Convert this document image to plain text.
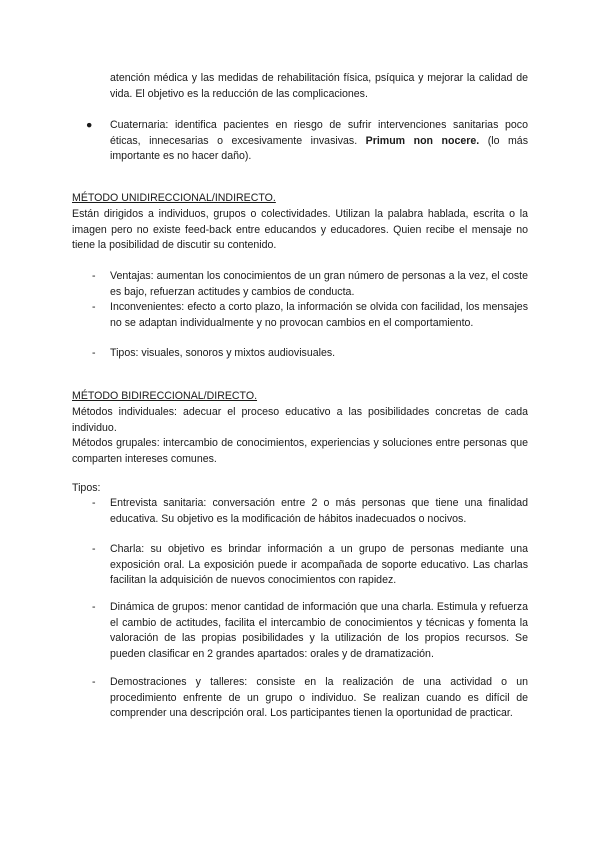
atención médica y las medidas de rehabilitación física, psíquica y mejorar la calidad de vida. El objetivo es la reducción de las complicaciones.

● Cuaternaria: identifica pacientes en riesgo de sufrir intervenciones sanitarias poco éticas, innecesarias o excesivamente invasivas. Primum non nocere. (lo más importante es no hacer daño).

MÉTODO UNIDIRECCIONAL/INDIRECTO.

Están dirigidos a individuos, grupos o colectividades. Utilizan la palabra hablada, escrita o la imagen pero no existe feed-back entre educandos y educadores. Quien recibe el mensaje no tiene la posibilidad de discutir su contenido.

- Ventajas: aumentan los conocimientos de un gran número de personas a la vez, el coste es bajo, refuerzan actitudes y cambios de conducta.
- Inconvenientes: efecto a corto plazo, la información se olvida con facilidad, los mensajes no se adaptan individualmente y no provocan cambios en el comportamiento.
- Tipos: visuales, sonoros y mixtos audiovisuales.

MÉTODO BIDIRECCIONAL/DIRECTO.

Métodos individuales: adecuar el proceso educativo a las posibilidades concretas de cada individuo.

Métodos grupales: intercambio de conocimientos, experiencias y soluciones entre personas que comparten intereses comunes.

Tipos:

- Entrevista sanitaria: conversación entre 2 o más personas que tiene una finalidad educativa. Su objetivo es la modificación de hábitos inadecuados o nocivos.
- Charla: su objetivo es brindar información a un grupo de personas mediante una exposición oral. La exposición puede ir acompañada de soporte educativo. Las charlas facilitan la adquisición de nuevos conocimientos con rapidez.
- Dinámica de grupos: menor cantidad de información que una charla. Estimula y refuerza el cambio de actitudes, facilita el intercambio de conocimientos y técnicas y fomenta la valoración de las propias posibilidades y la utilización de los propios recursos. Se pueden clasificar en 2 grandes apartados: orales y de dramatización.
- Demostraciones y talleres: consiste en la realización de una actividad o un procedimiento enfrente de un grupo o individuo. Se realizan cuando es difícil de comprender una descripción oral. Los participantes tienen la oportunidad de practicar.
